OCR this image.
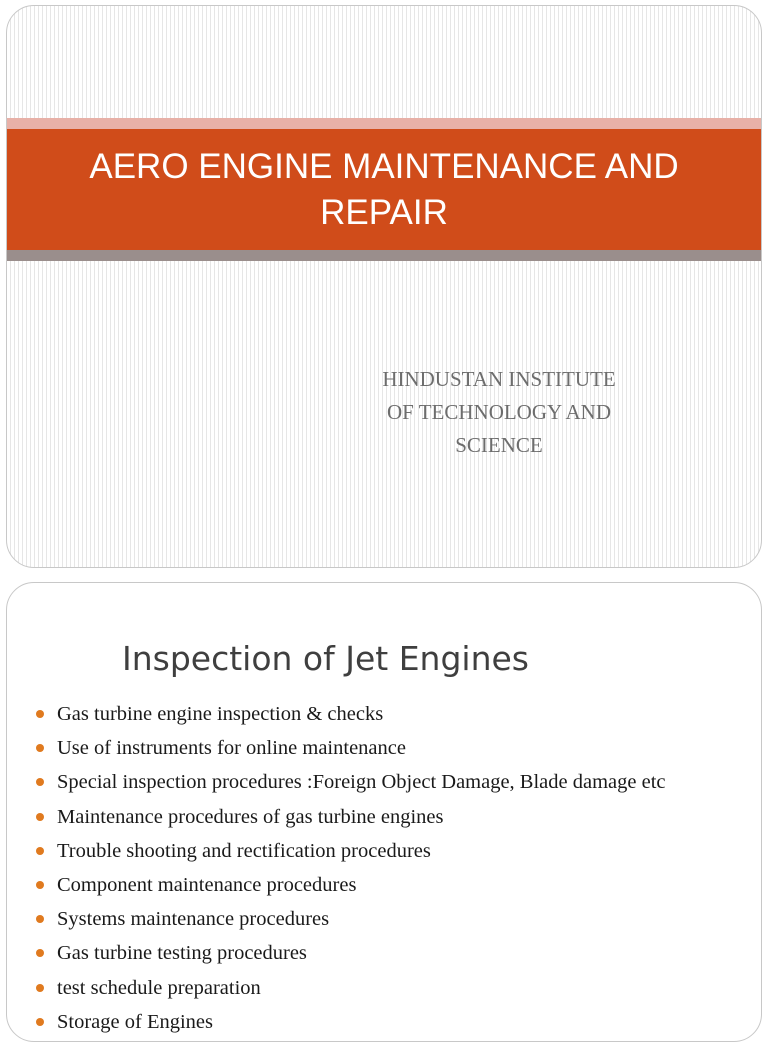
AERO ENGINE MAINTENANCE AND REPAIR
HINDUSTAN INSTITUTE
OF TECHNOLOGY AND
SCIENCE
Inspection of Jet Engines
Gas turbine engine inspection & checks
Use of instruments for online maintenance
Special inspection procedures :Foreign Object Damage, Blade damage etc
Maintenance procedures of gas turbine engines
Trouble shooting and rectification procedures
Component maintenance procedures
Systems maintenance procedures
Gas turbine testing procedures
test schedule preparation
Storage of Engines
